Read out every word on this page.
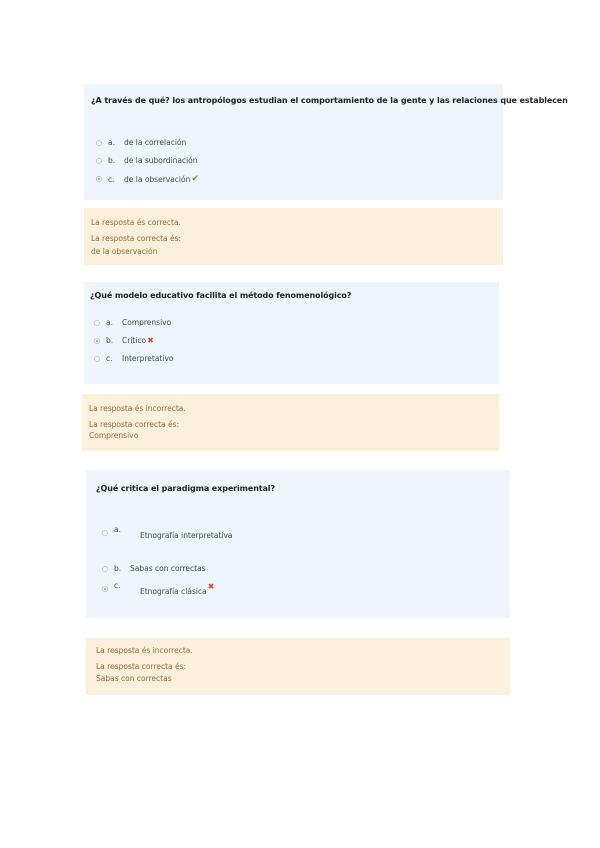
¿A través de qué? los antropólogos estudian el comportamiento de la gente y las relaciones que establecen
a.	de la correlación
b.	de la subordinación
c.	de la observación ✔
La resposta és correcta.
La resposta correcta és:
de la observación
¿Qué modelo educativo facilita el método fenomenológico?
a.	Comprensivo
b.	Crítico ✖
c.	Interpretativo
La resposta és incorrecta.
La resposta correcta és:
Comprensivo
¿Qué critica el paradigma experimental?
a.
Etnografía interpretativa
b.	Sabas con correctas
c.
Etnografía clásica
✖
La resposta és incorrecta.
La resposta correcta és:
Sabas con correctas
